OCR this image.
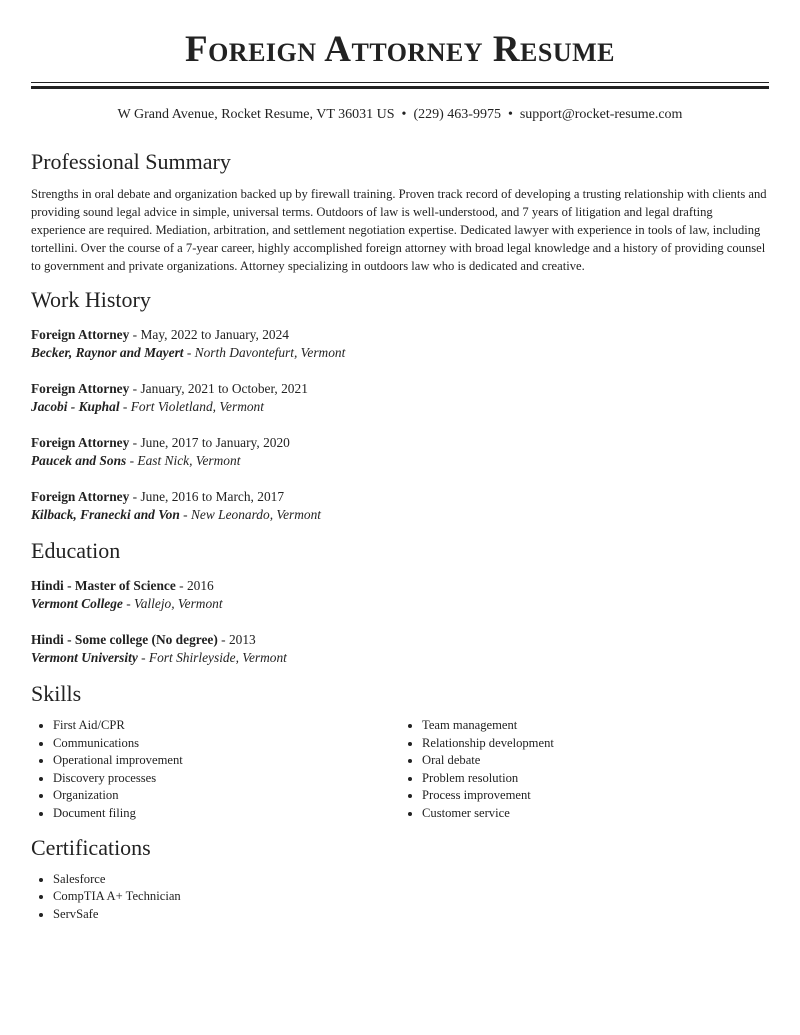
Foreign Attorney Resume
W Grand Avenue, Rocket Resume, VT 36031 US • (229) 463-9975 • support@rocket-resume.com
Professional Summary
Strengths in oral debate and organization backed up by firewall training. Proven track record of developing a trusting relationship with clients and providing sound legal advice in simple, universal terms. Outdoors of law is well-understood, and 7 years of litigation and legal drafting experience are required. Mediation, arbitration, and settlement negotiation expertise. Dedicated lawyer with experience in tools of law, including tortellini. Over the course of a 7-year career, highly accomplished foreign attorney with broad legal knowledge and a history of providing counsel to government and private organizations. Attorney specializing in outdoors law who is dedicated and creative.
Work History
Foreign Attorney - May, 2022 to January, 2024
Becker, Raynor and Mayert - North Davontefurt, Vermont
Foreign Attorney - January, 2021 to October, 2021
Jacobi - Kuphal - Fort Violetland, Vermont
Foreign Attorney - June, 2017 to January, 2020
Paucek and Sons - East Nick, Vermont
Foreign Attorney - June, 2016 to March, 2017
Kilback, Franecki and Von - New Leonardo, Vermont
Education
Hindi - Master of Science - 2016
Vermont College - Vallejo, Vermont
Hindi - Some college (No degree) - 2013
Vermont University - Fort Shirleyside, Vermont
Skills
• First Aid/CPR
• Communications
• Operational improvement
• Discovery processes
• Organization
• Document filing
• Team management
• Relationship development
• Oral debate
• Problem resolution
• Process improvement
• Customer service
Certifications
• Salesforce
• CompTIA A+ Technician
• ServSafe
